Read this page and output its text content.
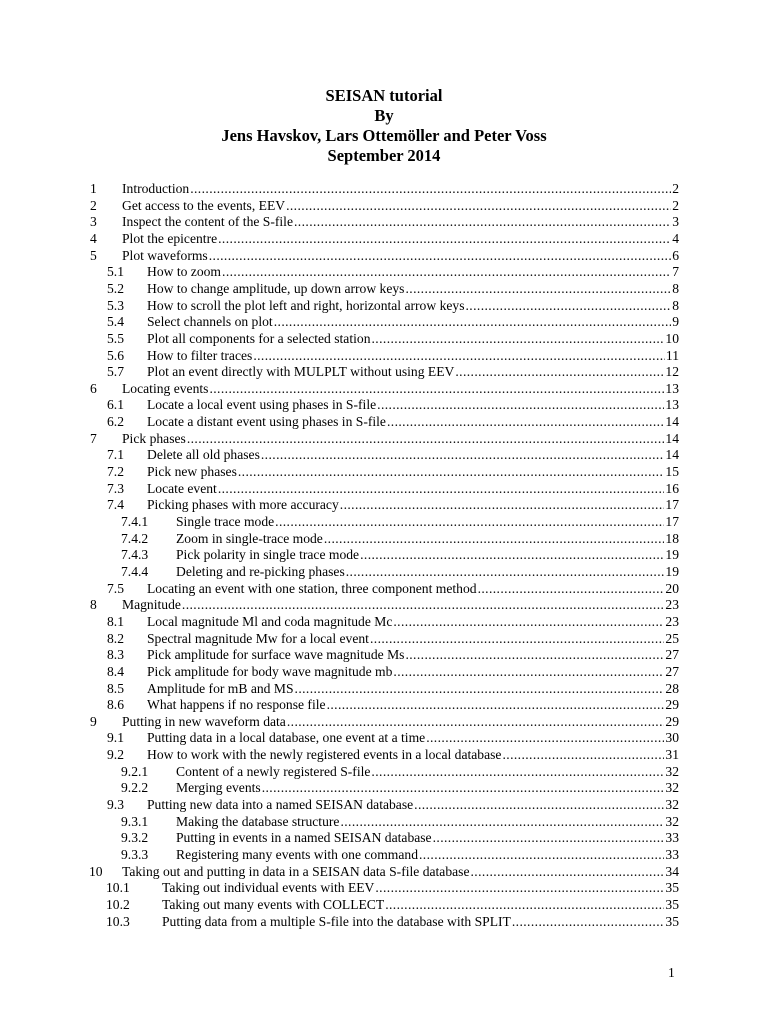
SEISAN tutorial

By

Jens Havskov, Lars Ottemöller and Peter Voss

September 2014

1 Introduction .....	2
2 Get access to the events, EEV .....	2
3 Inspect the content of the S-file .....	3
4 Plot the epicentre .....	4
5 Plot waveforms .....	6
5.1 How to zoom .....	7
5.2 How to change amplitude, up down arrow keys .....	8
5.3 How to scroll the plot left and right, horizontal arrow keys .....	8
5.4 Select channels on plot .....	9
5.5 Plot all components for a selected station .....	10
5.6 How to filter traces .....	11
5.7 Plot an event directly with MULPLT without using EEV .....	12
6 Locating events .....	13
6.1 Locate a local event using phases in S-file .....	13
6.2 Locate a distant event using phases in S-file .....	14
7 Pick phases .....	14
7.1 Delete all old phases .....	14
7.2 Pick new phases .....	15
7.3 Locate event .....	16
7.4 Picking phases with more accuracy .....	17
7.4.1 Single trace mode .....	17
7.4.2 Zoom in single-trace mode .....	18
7.4.3 Pick polarity in single trace mode .....	19
7.4.4 Deleting and re-picking phases .....	19
7.5 Locating an event with one station, three component method .....	20
8 Magnitude .....	23
8.1 Local magnitude Ml and coda magnitude Mc .....	23
8.2 Spectral magnitude Mw for a local event .....	25
8.3 Pick amplitude for surface wave magnitude Ms .....	27
8.4 Pick amplitude for body wave magnitude mb .....	27
8.5 Amplitude for mB and MS .....	28
8.6 What happens if no response file .....	29
9 Putting in new waveform data .....	29
9.1 Putting data in a local database, one event at a time .....	30
9.2 How to work with the newly registered events in a local database .....	31
9.2.1 Content of a newly registered S-file .....	32
9.2.2 Merging events .....	32
9.3 Putting new data into a named SEISAN database .....	32
9.3.1 Making the database structure .....	32
9.3.2 Putting in events in a named SEISAN database .....	33
9.3.3 Registering many events with one command .....	33
10 Taking out and putting in data in a SEISAN data S-file database .....	34
10.1 Taking out individual events with EEV .....	35
10.2 Taking out many events with COLLECT .....	35
10.3 Putting data from a multiple S-file into the database with SPLIT .....	35
1
